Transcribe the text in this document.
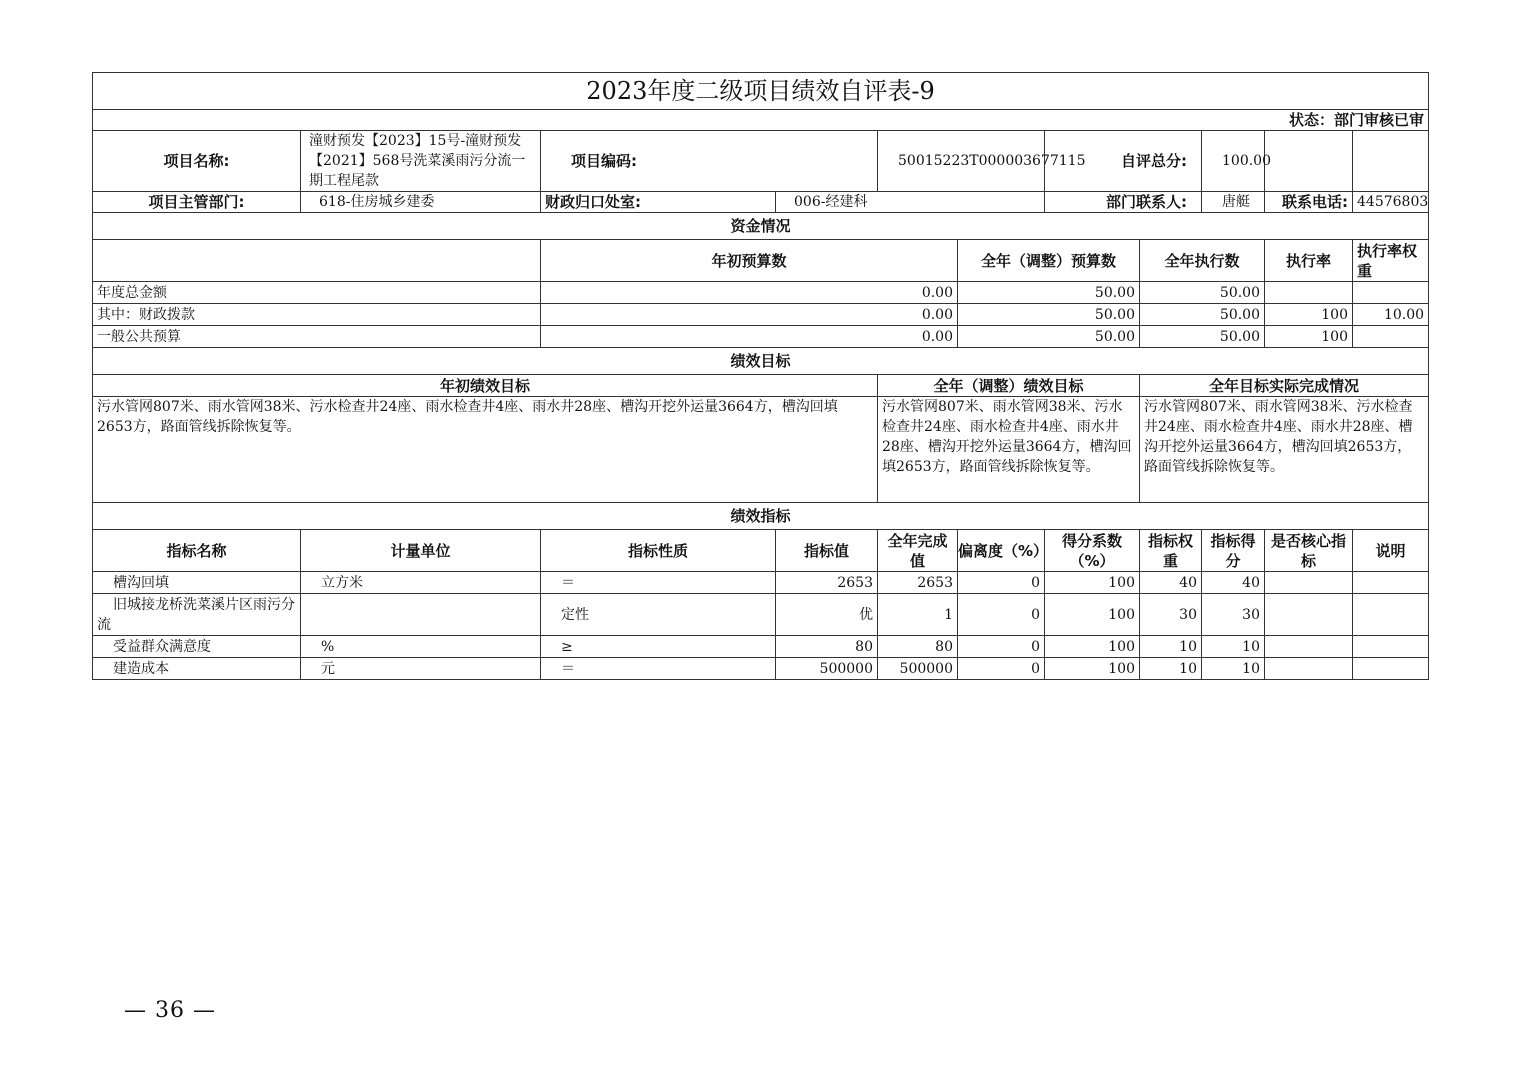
2023年度二级项目绩效自评表-9										
状态：部门审核已审										
项目名称:	潼财预发【2023】15号-潼财预发【2021】568号洗菜溪雨污分流一期工程尾款	项目编码:		50015223T000003677115		自评总分:		100.00		
项目主管部门:	618-住房城乡建委	财政归口处室:	006-经建科			部门联系人:		唐艇	联系电话:	44576803
资金情况										
		年初预算数			全年（调整）预算数		全年执行数		执行率	执行率权重
年度总金额		0.00			50.00		50.00			
其中：财政拨款		0.00			50.00		50.00		100	10.00
一般公共预算		0.00			50.00		50.00		100	
绩效目标										
年初绩效目标				全年（调整）绩效目标			全年目标实际完成情况			
污水管网807米、雨水管网38米、污水检查井24座、雨水检查井4座、雨水井28座、槽沟开挖外运量3664方，槽沟回填2653方，路面管线拆除恢复等。				污水管网807米、雨水管网38米、污水检查井24座、雨水检查井4座、雨水井28座、槽沟开挖外运量3664方，槽沟回填2653方，路面管线拆除恢复等。			污水管网807米、雨水管网38米、污水检查井24座、雨水检查井4座、雨水井28座、槽沟开挖外运量3664方，槽沟回填2653方，路面管线拆除恢复等。			
绩效指标										
指标名称	计量单位	指标性质	指标值	全年完成值	偏离度（%）	得分系数（%）	指标权重	指标得分	是否核心指标	说明
槽沟回填	立方米	＝	2653	2653	0	100	40	40		
旧城接龙桥洗菜溪片区雨污分流		定性	优	1	0	100	30	30		
受益群众满意度	%	≥	80	80	0	100	10	10		
建造成本	元	＝	500000	500000	0	100	10	10		
— 36 —
